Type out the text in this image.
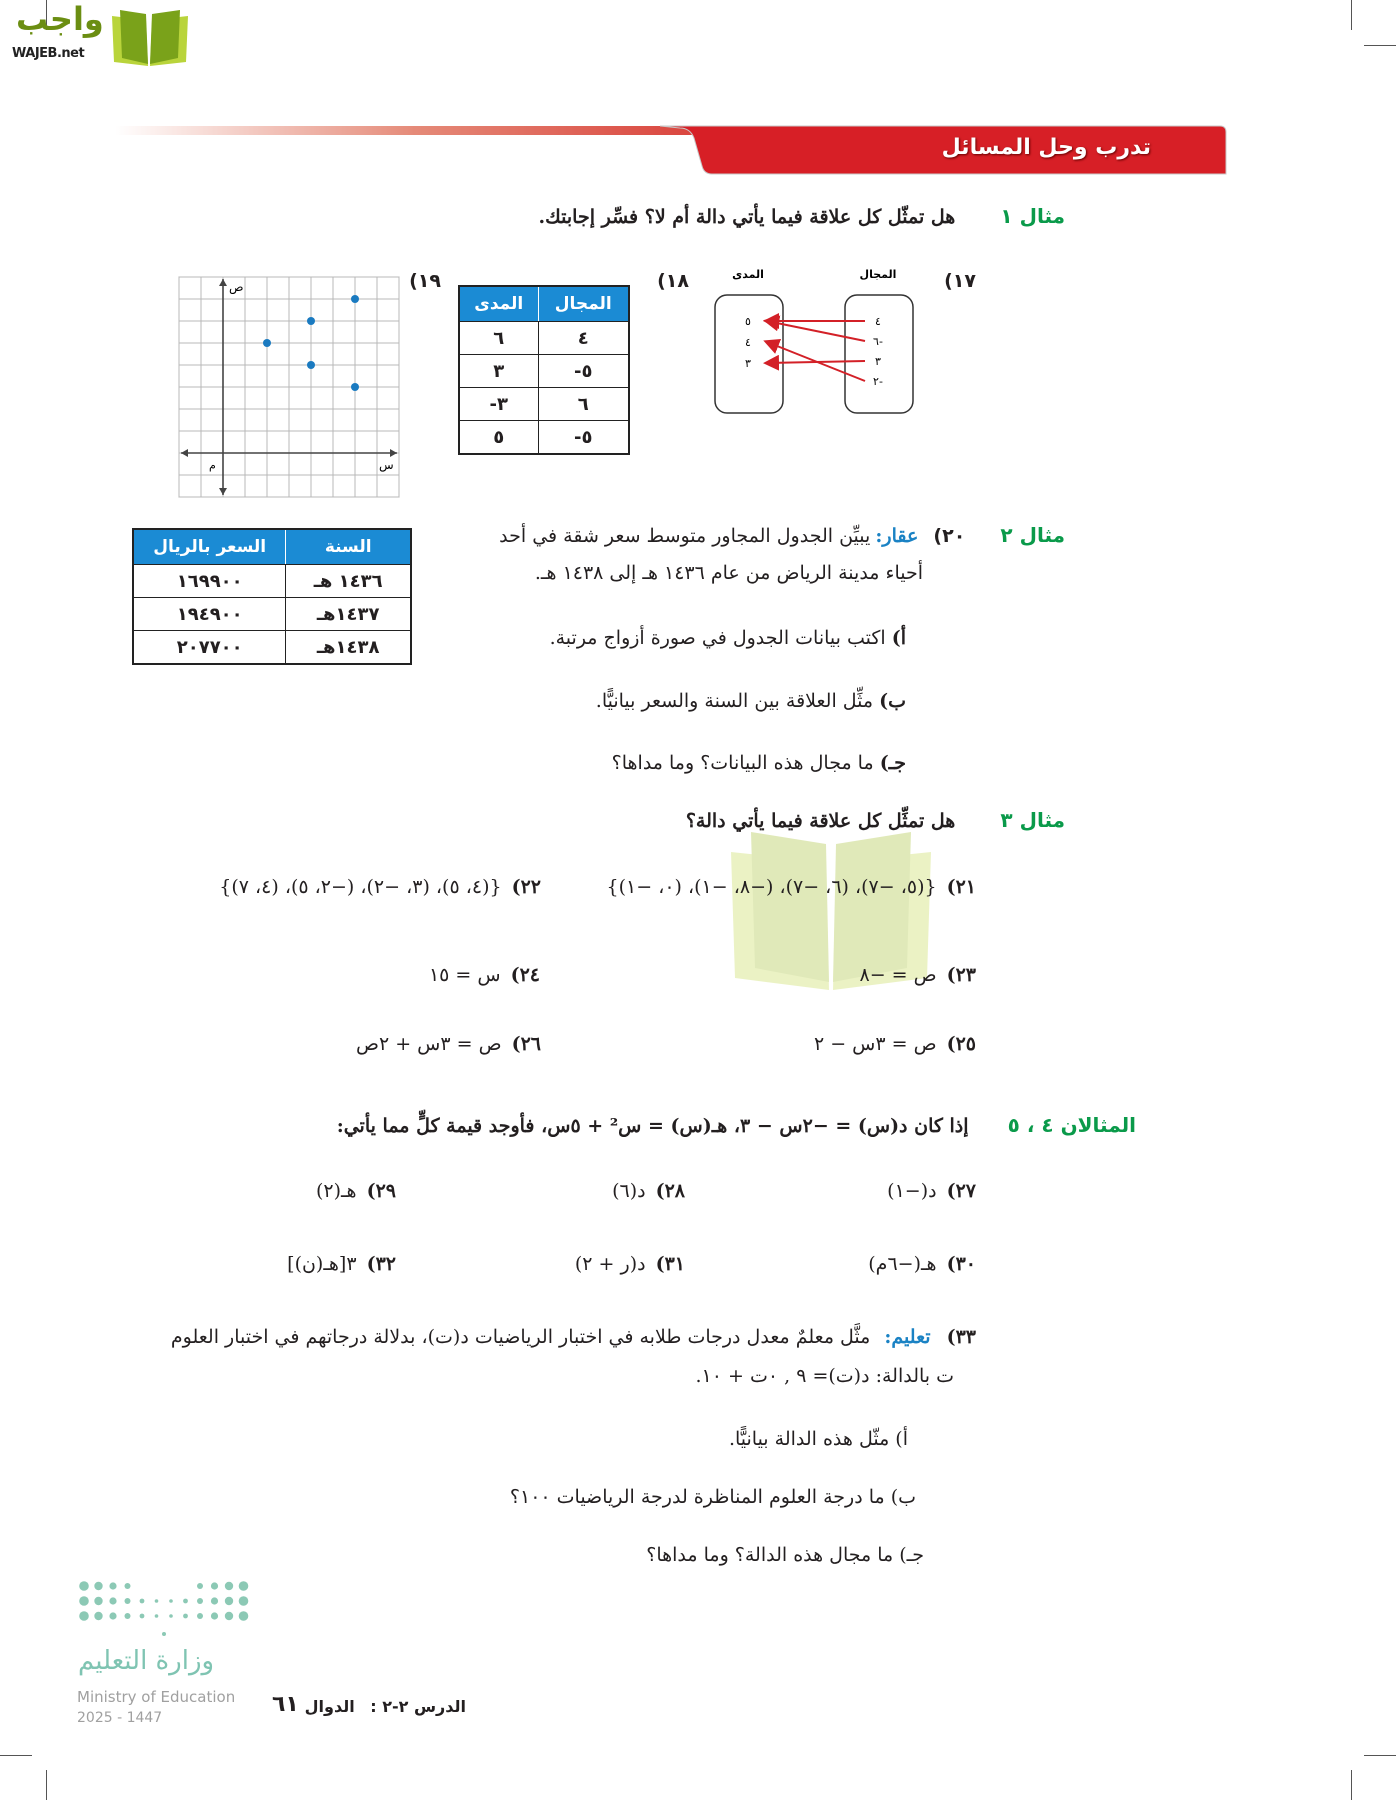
واجب
WAJEB.net
تدرب وحل المسائل
مثال ١ هل تمثّل كل علاقة فيما يأتي دالة أم لا؟ فسِّر إجابتك.
١٧)
المجال
المدى
٤
٦-
٣
٢-
٥
٤
٣
١٨)
المجال	المدى
٤	٦
٥-	٣
٦	٣-
٥-	٥
١٩)
س
ص
م
مثال ٢ ٢٠) عقار: يبيِّن الجدول المجاور متوسط سعر شقة في أحد
أحياء مدينة الرياض من عام ١٤٣٦ هـ إلى ١٤٣٨ هـ.
أ) اكتب بيانات الجدول في صورة أزواج مرتبة.
ب) مثِّل العلاقة بين السنة والسعر بيانيًّا.
جـ) ما مجال هذه البيانات؟ وما مداها؟
السنة	السعر بالريال
١٤٣٦ هـ	١٦٩٩٠٠
١٤٣٧هـ	١٩٤٩٠٠
١٤٣٨هـ	٢٠٧٧٠٠
مثال ٣ هل تمثِّل كل علاقة فيما يأتي دالة؟
٢١){(٥، −٧)، (٦، −٧)، (−٨، −١)، (٠، −١)}
٢٢){(٤، ٥)، (٣، −٢)، (−٢، ٥)، (٤، ٧)}
٢٣)ص = −٨
٢٤)س = ١٥
٢٥)ص = ٣س − ٢
٢٦)ص = ٣س + ٢ص
المثالان ٤ ، ٥ إذا كان د(س) = −٢س − ٣، هـ(س) = س² + ٥س، فأوجد قيمة كلٍّ مما يأتي:
٢٧)د(−١)
٢٨)د(٦)
٢٩)هـ(٢)
٣٠)هـ(−٦م)
٣١)د(ر + ٢)
٣٢)٣[هـ(ن)]
٣٣) تعليم: مثَّل معلمٌ معدل درجات طلابه في اختبار الرياضيات د(ت)، بدلالة درجاتهم في اختبار العلوم
ت بالدالة: د(ت)= ٩ , ٠ت + ١٠.
أ) مثّل هذه الدالة بيانيًّا.
ب) ما درجة العلوم المناظرة لدرجة الرياضيات ١٠٠؟
جـ) ما مجال هذه الدالة؟ وما مداها؟
وزارة التعليم
Ministry of Education
2025 - 1447
٦١	الدرس ٢-٢ : الدوال
